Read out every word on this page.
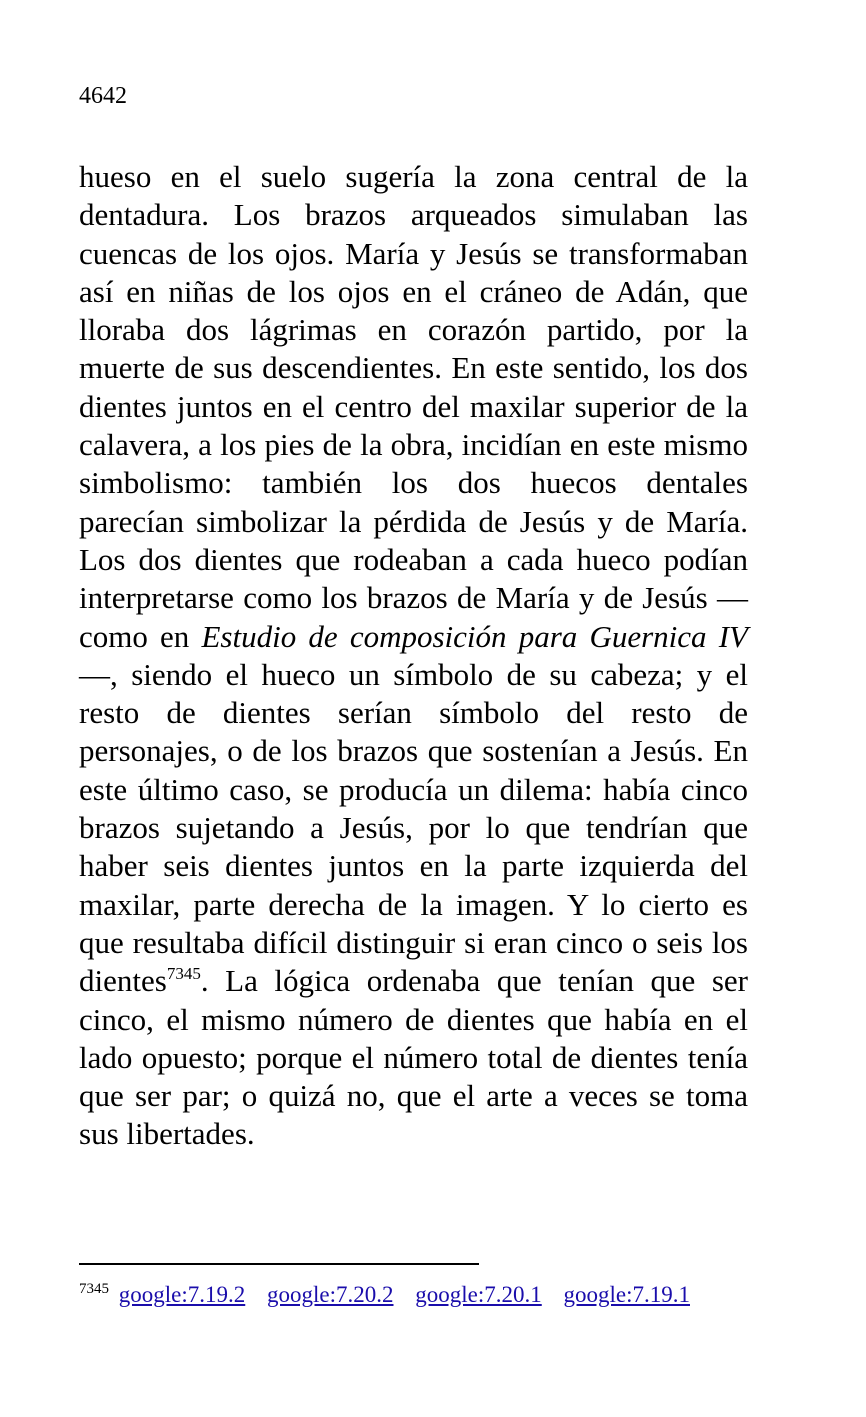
4642

hueso en el suelo sugería la zona central de la dentadura. Los brazos arqueados simulaban las cuencas de los ojos. María y Jesús se transformaban así en niñas de los ojos en el cráneo de Adán, que lloraba dos lágrimas en corazón partido, por la muerte de sus descendientes. En este sentido, los dos dientes juntos en el centro del maxilar superior de la calavera, a los pies de la obra, incidían en este mismo simbolismo: también los dos huecos dentales parecían simbolizar la pérdida de Jesús y de María. Los dos dientes que rodeaban a cada hueco podían interpretarse como los brazos de María y de Jesús —como en Estudio de composición para Guernica IV—, siendo el hueco un símbolo de su cabeza; y el resto de dientes serían símbolo del resto de personajes, o de los brazos que sostenían a Jesús. En este último caso, se producía un dilema: había cinco brazos sujetando a Jesús, por lo que tendrían que haber seis dientes juntos en la parte izquierda del maxilar, parte derecha de la imagen. Y lo cierto es que resultaba difícil distinguir si eran cinco o seis los dientes$^{7345}$. La lógica ordenaba que tenían que ser cinco, el mismo número de dientes que había en el lado opuesto; porque el número total de dientes tenía que ser par; o quizá no, que el arte a veces se toma sus libertades.

$^{7345}$ google:7.19.2 google:7.20.2 google:7.20.1 google:7.19.1
